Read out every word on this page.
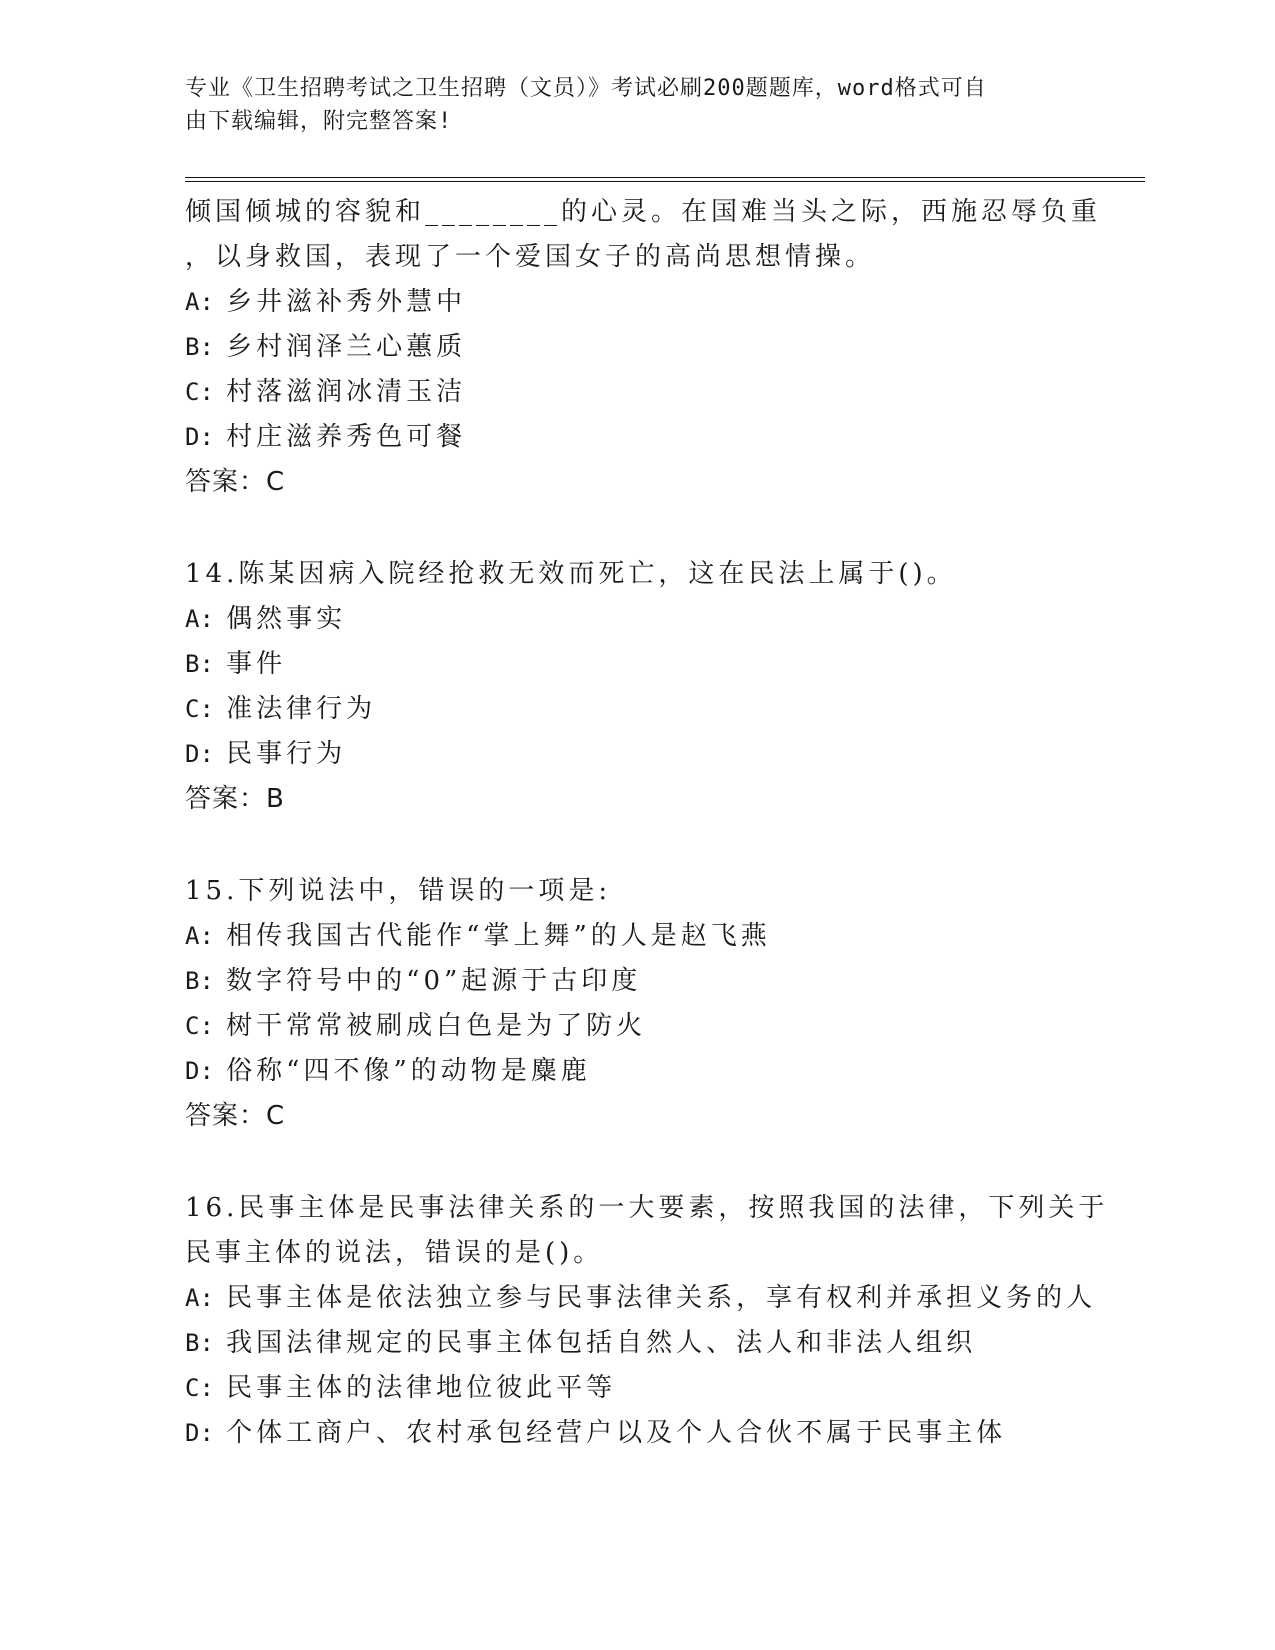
专业《卫生招聘考试之卫生招聘（文员）》考试必刷200题题库，word格式可自
由下载编辑，附完整答案!
倾国倾城的容貌和________的心灵。在国难当头之际，西施忍辱负重
，以身救国，表现了一个爱国女子的高尚思想情操。
A: 乡井滋补秀外慧中
B: 乡村润泽兰心蕙质
C: 村落滋润冰清玉洁
D: 村庄滋养秀色可餐
答案：C
14.陈某因病入院经抢救无效而死亡，这在民法上属于()。
A: 偶然事实
B: 事件
C: 准法律行为
D: 民事行为
答案：B
15.下列说法中，错误的一项是:
A: 相传我国古代能作“掌上舞”的人是赵飞燕
B: 数字符号中的“0”起源于古印度
C: 树干常常被刷成白色是为了防火
D: 俗称“四不像”的动物是麋鹿
答案：C
16.民事主体是民事法律关系的一大要素，按照我国的法律，下列关于
民事主体的说法，错误的是()。
A: 民事主体是依法独立参与民事法律关系，享有权利并承担义务的人
B: 我国法律规定的民事主体包括自然人、法人和非法人组织
C: 民事主体的法律地位彼此平等
D: 个体工商户、农村承包经营户以及个人合伙不属于民事主体
